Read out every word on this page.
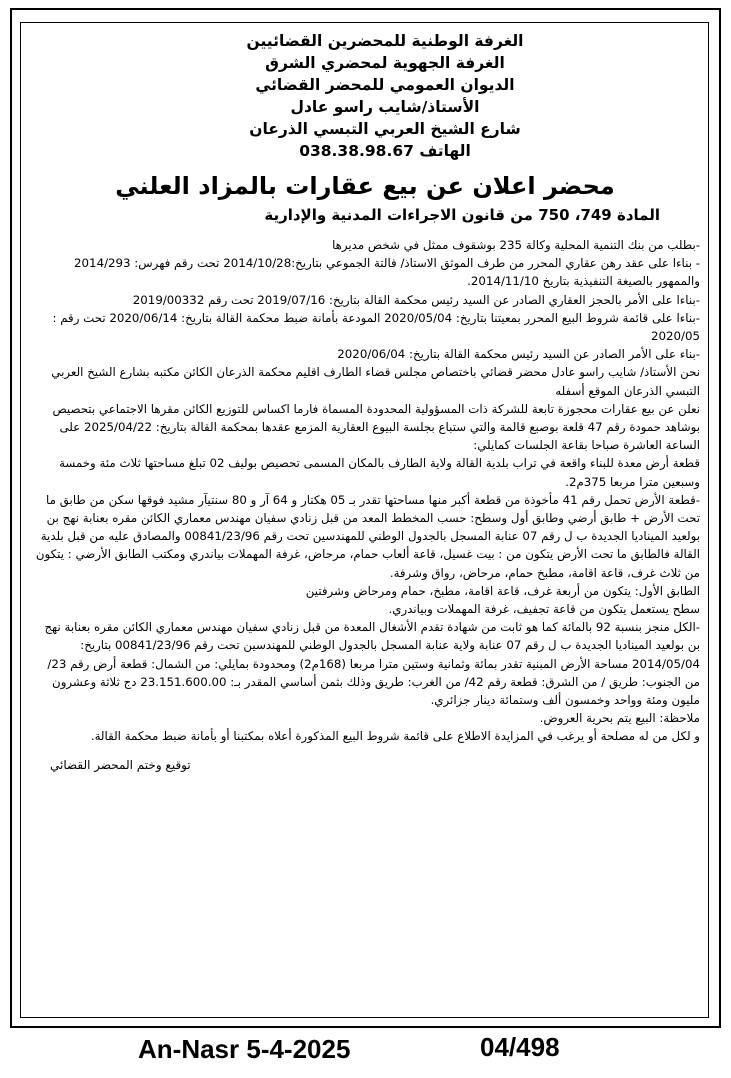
الغرفة الوطنية للمحضرين القضائيين
الغرفة الجهوية لمحضري الشرق
الديوان العمومي للمحضر القضائي
الأستاذ/شايب راسو عادل
شارع الشيخ العربي التبسي الذرعان
الهاتف 038.38.98.67
محضر اعلان عن بيع عقارات بالمزاد العلني
المادة 749، 750 من قانون الاجراءات المدنية والإدارية

-بطلب من بنك التنمية المحلية وكالة 235 بوشقوف ممثل في شخص مديرها

- بناءا على عقد رهن عقاري المحرر من طرف الموثق الاستاذ/ فالتة الجموعي بتاريخ:2014/10/28 تحت رقم فهرس: 2014/293 والممهور بالصيغة التنفيذية بتاريخ 2014/11/10.

-بناءا على الأمر بالحجز العقاري الصادر عن السيد رئيس محكمة القالة بتاريخ: 2019/07/16 تحت رقم 2019/00332

-بناءا على قائمة شروط البيع المحرر بمعيتنا بتاريخ: 2020/05/04 المودعة بأمانة ضبط محكمة القالة بتاريخ: 2020/06/14 تحت رقم : 2020/05

-بناء على الأمر الصادر عن السيد رئيس محكمة القالة بتاريخ: 2020/06/04

نحن الأستاذ/ شايب راسو عادل محضر قضائي باختصاص مجلس قضاء الطارف اقليم محكمة الذرعان الكائن مكتبه بشارع الشيخ العربي التبسي الذرعان الموقع أسفله

نعلن عن بيع عقارات محجوزة تابعة للشركة ذات المسؤولية المحدودة المسماة فارما اكساس للتوزيع الكائن مقرها الاجتماعي بتحصيص بوشاهد حمودة رقم 47 قلعة بوصبع قالمة والتي ستباع بجلسة البيوع العقارية المزمع عقدها بمحكمة القالة بتاريخ: 2025/04/22 على الساعة العاشرة صباحا بقاعة الجلسات كمايلي:

قطعة أرض معدة للبناء واقعة في تراب بلدية القالة ولاية الطارف بالمكان المسمى تحصيص بوليف 02 تبلغ مساحتها ثلاث مئة وخمسة وسبعين مترا مربعا 375م2.

-قطعة الأرض تحمل رقم 41 مأخوذة من قطعة أكبر منها مساحتها تقدر بـ 05 هكتار و 64 آر و 80 سنتيآر مشيد فوقها سكن من طابق ما تحت الأرض + طابق أرضي وطابق أول وسطح: حسب المخطط المعد من قبل زنادي سفيان مهندس معماري الكائن مقره بعنابة نهج بن بولعيد الميناديا الجديدة ب ل رقم 07 عنابة المسجل بالجدول الوطني للمهندسين تحت رقم 00841/23/96 والمصادق عليه من قبل بلدية القالة فالطابق ما تحت الأرض يتكون من : بيت غسيل، قاعة ألعاب حمام، مرحاض، غرفة المهملات بياندري ومكتب الطابق الأرضي : يتكون من ثلاث غرف، قاعة اقامة، مطبخ حمام، مرحاض، رواق وشرفة.

الطابق الأول: يتكون من أربعة غرف، قاعة اقامة، مطبخ، حمام ومرحاض وشرفتين

سطح يستعمل يتكون من قاعة تجفيف، غرفة المهملات وبياندري.

-الكل منجز بنسبة 92 بالمائة كما هو ثابت من شهادة تقدم الأشغال المعدة من قبل زنادي سفيان مهندس معماري الكائن مقره بعنابة نهج بن بولعيد الميناديا الجديدة ب ل رقم 07 عنابة ولاية عنابة المسجل بالجدول الوطني للمهندسين تحت رقم 00841/23/96 بتاريخ: 2014/05/04 مساحة الأرض المبنية تقدر بمائة وثمانية وستين مترا مربعا (168م2) ومحدودة بمايلي: من الشمال: قطعة أرض رقم 23/ من الجنوب: طريق / من الشرق: قطعة رقم 42/ من الغرب: طريق وذلك بثمن أساسي المقدر بـ: 23.151.600.00 دج ثلاثة وعشرون مليون ومئة وواحد وخمسون ألف وستمائة دينار جزائري.

ملاحظة: البيع يتم بحرية العروض.

و لكل من له مصلحة أو يرغب في المزايدة الاطلاع على قائمة شروط البيع المذكورة أعلاه بمكتبنا أو بأمانة ضبط محكمة القالة.

توقيع وختم المحضر القضائي
An-Nasr 5-4-2025	04/498
